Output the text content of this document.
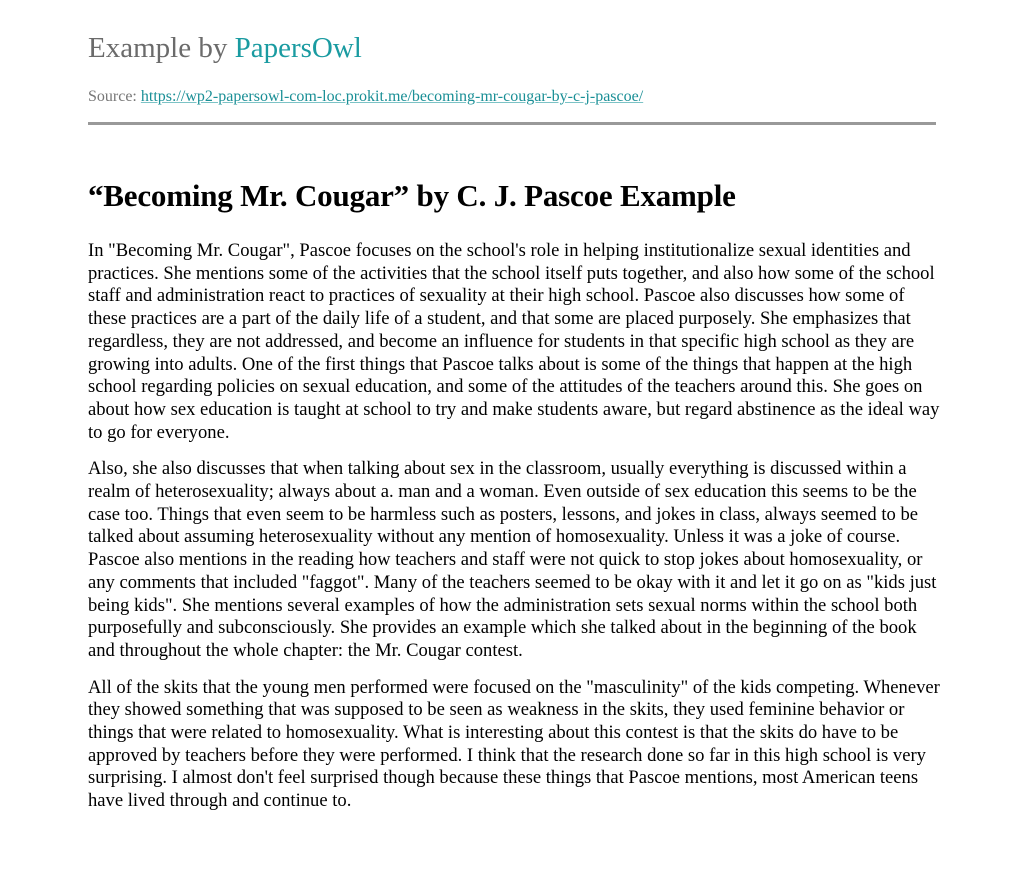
Example by PapersOwl
Source: https://wp2-papersowl-com-loc.prokit.me/becoming-mr-cougar-by-c-j-pascoe/
“Becoming Mr. Cougar” by C. J. Pascoe Example

In "Becoming Mr. Cougar", Pascoe focuses on the school's role in helping institutionalize sexual identities and practices. She mentions some of the activities that the school itself puts together, and also how some of the school staff and administration react to practices of sexuality at their high school. Pascoe also discusses how some of these practices are a part of the daily life of a student, and that some are placed purposely. She emphasizes that regardless, they are not addressed, and become an influence for students in that specific high school as they are growing into adults. One of the first things that Pascoe talks about is some of the things that happen at the high school regarding policies on sexual education, and some of the attitudes of the teachers around this. She goes on about how sex education is taught at school to try and make students aware, but regard abstinence as the ideal way to go for everyone.

Also, she also discusses that when talking about sex in the classroom, usually everything is discussed within a realm of heterosexuality; always about a. man and a woman. Even outside of sex education this seems to be the case too. Things that even seem to be harmless such as posters, lessons, and jokes in class, always seemed to be talked about assuming heterosexuality without any mention of homosexuality. Unless it was a joke of course. Pascoe also mentions in the reading how teachers and staff were not quick to stop jokes about homosexuality, or any comments that included "faggot". Many of the teachers seemed to be okay with it and let it go on as "kids just being kids". She mentions several examples of how the administration sets sexual norms within the school both purposefully and subconsciously. She provides an example which she talked about in the beginning of the book and throughout the whole chapter: the Mr. Cougar contest.

All of the skits that the young men performed were focused on the "masculinity" of the kids competing. Whenever they showed something that was supposed to be seen as weakness in the skits, they used feminine behavior or things that were related to homosexuality. What is interesting about this contest is that the skits do have to be approved by teachers before they were performed. I think that the research done so far in this high school is very surprising. I almost don't feel surprised though because these things that Pascoe mentions, most American teens have lived through and continue to.
